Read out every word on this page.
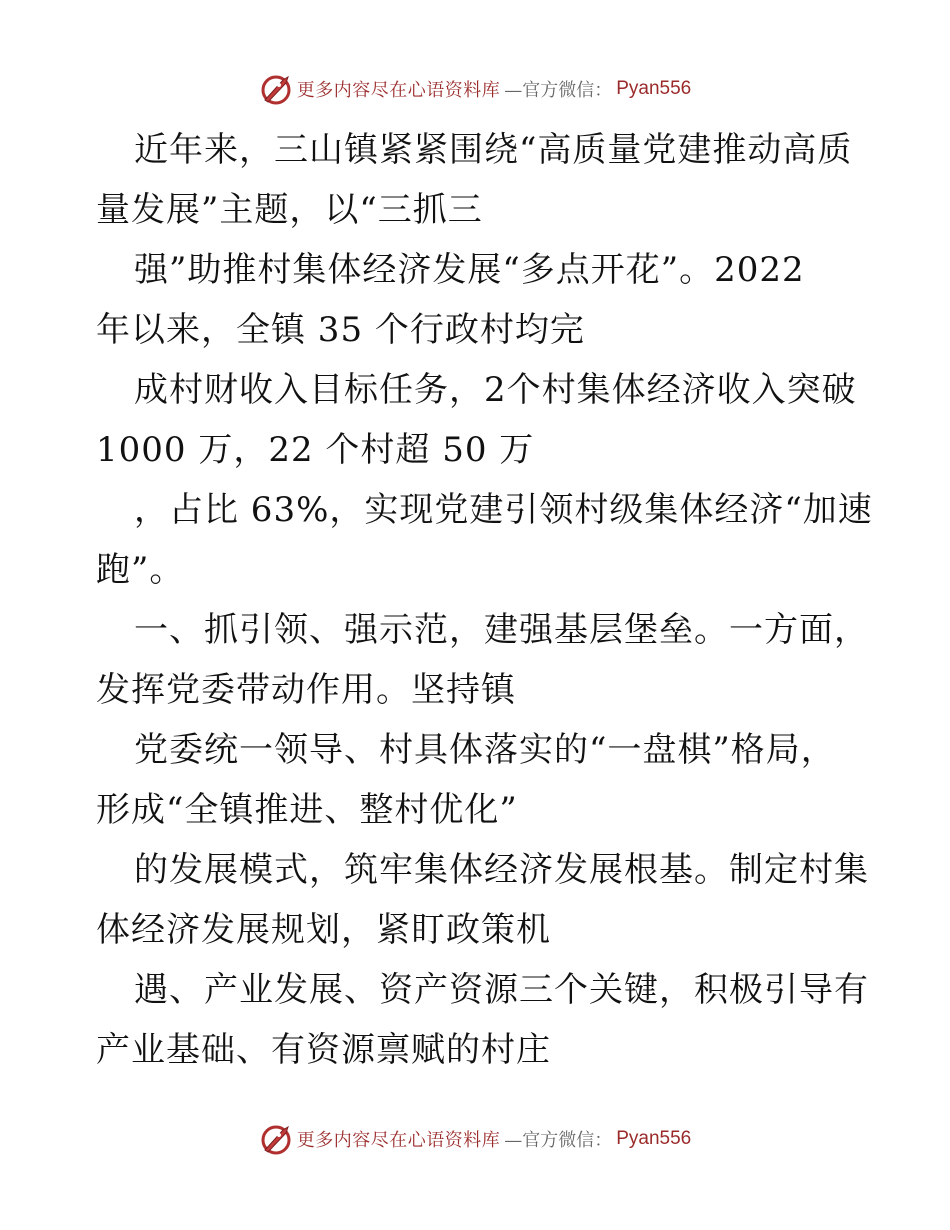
更多内容尽在心语资料库 —官方微信： Pyan556
近年来，三山镇紧紧围绕“高质量党建推动高质
量发展”主题，以“三抓三
强”助推村集体经济发展“多点开花”。2022
年以来，全镇 35 个行政村均完
成村财收入目标任务，2个村集体经济收入突破
1000 万，22 个村超 50 万
，占比 63%，实现党建引领村级集体经济“加速
跑”。
一、抓引领、强示范，建强基层堡垒。一方面，
发挥党委带动作用。坚持镇
党委统一领导、村具体落实的“一盘棋”格局，
形成“全镇推进、整村优化”
的发展模式，筑牢集体经济发展根基。制定村集
体经济发展规划，紧盯政策机
遇、产业发展、资产资源三个关键，积极引导有
产业基础、有资源禀赋的村庄
更多内容尽在心语资料库 —官方微信： Pyan556
